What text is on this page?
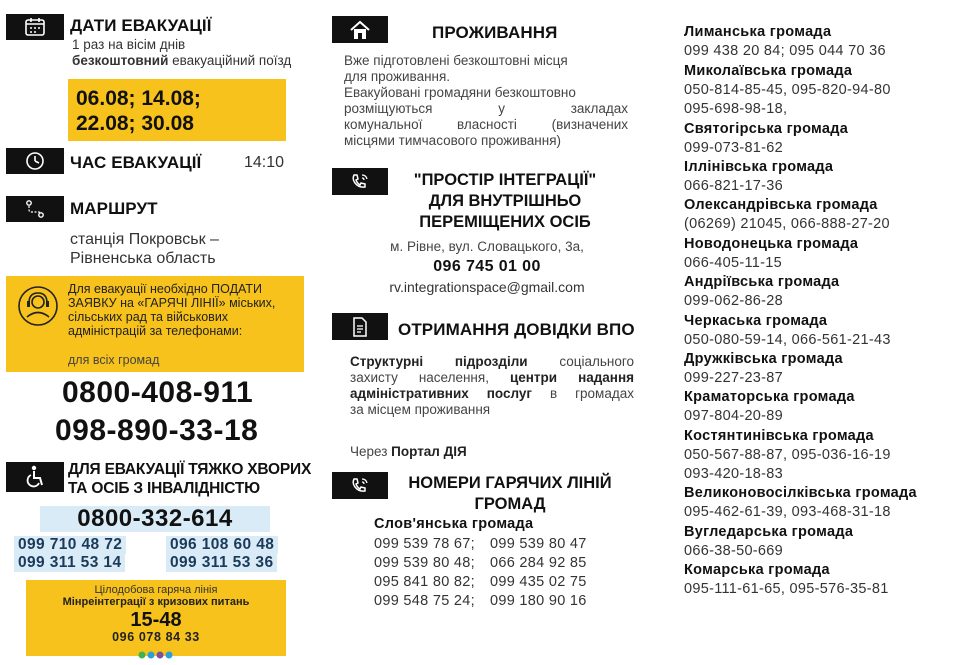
ДАТИ ЕВАКУАЦІЇ
1 раз на вісім днів
безкоштовний евакуаційний поїзд
06.08; 14.08;
22.08; 30.08
ЧАС ЕВАКУАЦІЇ	14:10
МАРШРУТ
станція Покровськ –
Рівненська область
Для евакуації необхідно ПОДАТИ
ЗАЯВКУ на «ГАРЯЧІ ЛІНІЇ» міських,
сільських рад та військових
адміністрацій за телефонами:
для всіх громад
0800-408-911
098-890-33-18
ДЛЯ ЕВАКУАЦІЇ ТЯЖКО ХВОРИХ
ТА ОСІБ З ІНВАЛІДНІСТЮ
0800-332-614
099 710 48 72	096 108 60 48
099 311 53 14	099 311 53 36
Цілодобова гаряча лінія
Мінреінтеграції з кризових питань
15-48
096 078 84 33
ПРОЖИВАННЯ
Вже підготовлені безкоштовні місця
для проживання.
Евакуйовані громадяни безкоштовно
розміщуються у закладах
комунальної власності (визначених
місцями тимчасового проживання)
"ПРОСТІР ІНТЕГРАЦІЇ"
ДЛЯ ВНУТРІШНЬО
ПЕРЕМІЩЕНИХ ОСІБ
м. Рівне, вул. Словацького, 3а,
096 745 01 00
rv.integrationspace@gmail.com
ОТРИМАННЯ ДОВІДКИ ВПО
Структурні підрозділи соціального
захисту населення, центри надання
адміністративних послуг в громадах
за місцем проживання
Через Портал ДІЯ
НОМЕРИ ГАРЯЧИХ ЛІНІЙ
ГРОМАД
Слов'янська громада
099 539 78 67; 099 539 80 47
099 539 80 48; 066 284 92 85
095 841 80 82; 099 435 02 75
099 548 75 24; 099 180 90 16
Лиманська громада
099 438 20 84; 095 044 70 36
Миколаївська громада
050-814-85-45, 095-820-94-80
095-698-98-18,
Святогірська громада
099-073-81-62
Іллінівська громада
066-821-17-36
Олександрівська громада
(06269) 21045, 066-888-27-20
Новодонецька громада
066-405-11-15
Андріївська громада
099-062-86-28
Черкаська громада
050-080-59-14, 066-561-21-43
Дружківська громада
099-227-23-87
Краматорська громада
097-804-20-89
Костянтинівська громада
050-567-88-87, 095-036-16-19
093-420-18-83
Великоновосілківська громада
095-462-61-39, 093-468-31-18
Вугледарська громада
066-38-50-669
Комарська громада
095-111-61-65, 095-576-35-81
